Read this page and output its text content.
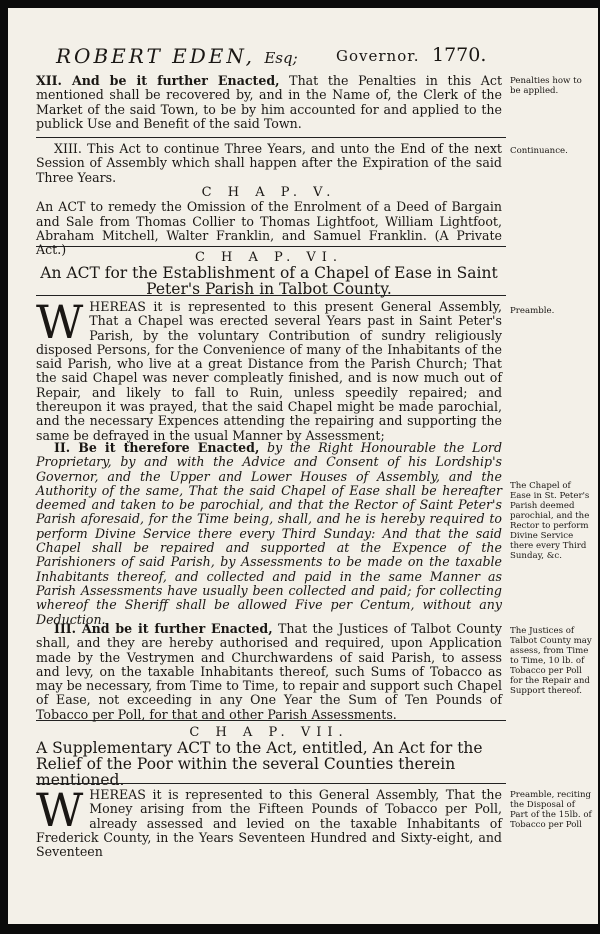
ROBERT EDEN, Esq;	Governor. 1770.

XII. And be it further Enacted, That the Penalties in this Act mentioned shall be recovered by, and in the Name of, the Clerk of the Market of the said Town, to be by him accounted for and applied to the publick Use and Benefit of the said Town.

Penalties how to be applied.

XIII. This Act to continue Three Years, and unto the End of the next Session of Assembly which shall happen after the Expiration of the said Three Years.

Continuance.
C H A P. V.

An ACT to remedy the Omission of the Enrolment of a Deed of Bargain and Sale from Thomas Collier to Thomas Lightfoot, William Lightfoot, Abraham Mitchell, Walter Franklin, and Samuel Franklin. (A Private Act.)

C H A P. VI.
An ACT for the Establishment of a Chapel of Ease in Saint Peter's Parish in Talbot County.

WHEREAS it is represented to this present General Assembly, That a Chapel was erected several Years past in Saint Peter's Parish, by the voluntary Contribution of sundry religiously disposed Persons, for the Convenience of many of the Inhabitants of the said Parish, who live at a great Distance from the Parish Church; That the said Chapel was never compleatly finished, and is now much out of Repair, and likely to fall to Ruin, unless speedily repaired; and thereupon it was prayed, that the said Chapel might be made parochial, and the necessary Expences attending the repairing and supporting the same be defrayed in the usual Manner by Assessment;

Preamble.

II. Be it therefore Enacted, by the Right Honourable the Lord Proprietary, by and with the Advice and Consent of his Lordship's Governor, and the Upper and Lower Houses of Assembly, and the Authority of the same, That the said Chapel of Ease shall be hereafter deemed and taken to be parochial, and that the Rector of Saint Peter's Parish aforesaid, for the Time being, shall, and he is hereby required to perform Divine Service there every Third Sunday: And that the said Chapel shall be repaired and supported at the Expence of the Parishioners of said Parish, by Assessments to be made on the taxable Inhabitants thereof, and collected and paid in the same Manner as Parish Assessments have usually been collected and paid; for collecting whereof the Sheriff shall be allowed Five per Centum, without any Deduction.

The Chapel of Ease in St. Peter's Parish deemed parochial, and the Rector to perform Divine Service there every Third Sunday, &c.

III. And be it further Enacted, That the Justices of Talbot County shall, and they are hereby authorised and required, upon Application made by the Vestrymen and Churchwardens of said Parish, to assess and levy, on the taxable Inhabitants thereof, such Sums of Tobacco as may be necessary, from Time to Time, to repair and support such Chapel of Ease, not exceeding in any One Year the Sum of Ten Pounds of Tobacco per Poll, for that and other Parish Assessments.

The Justices of Talbot County may assess, from Time to Time, 10 lb. of Tobacco per Poll for the Repair and Support thereof.
C H A P. VII.
A Supplementary ACT to the Act, entitled, An Act for the Relief of the Poor within the several Counties therein mentioned.

WHEREAS it is represented to this General Assembly, That the Money arising from the Fifteen Pounds of Tobacco per Poll, already assessed and levied on the taxable Inhabitants of Frederick County, in the Years Seventeen Hundred and Sixty-eight, and Seventeen

Preamble, reciting the Disposal of Part of the 15lb. of Tobacco per Poll
